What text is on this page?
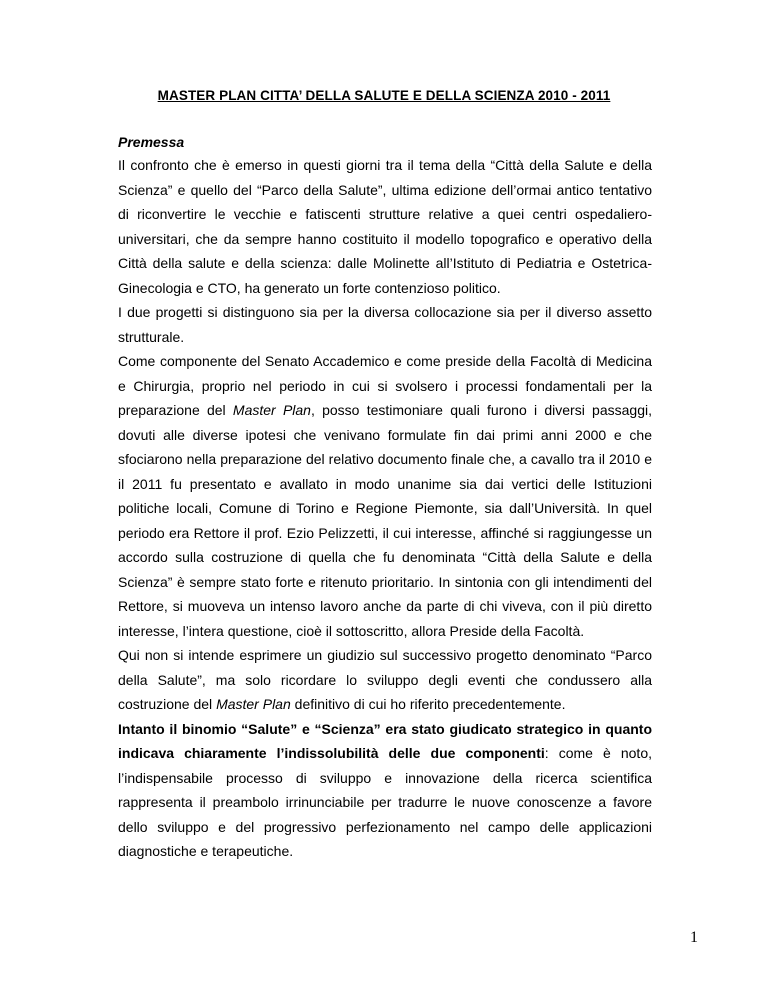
MASTER PLAN CITTA’ DELLA SALUTE E DELLA SCIENZA 2010 - 2011
Premessa

Il confronto che è emerso in questi giorni tra il tema della “Città della Salute e della Scienza” e quello del “Parco della Salute”, ultima edizione dell’ormai antico tentativo di riconvertire le vecchie e fatiscenti strutture relative a quei centri ospedaliero-universitari, che da sempre hanno costituito il modello topografico e operativo della Città della salute e della scienza: dalle Molinette all’Istituto di Pediatria e Ostetrica-Ginecologia e CTO, ha generato un forte contenzioso politico.

I due progetti si distinguono sia per la diversa collocazione sia per il diverso assetto strutturale.

Come componente del Senato Accademico e come preside della Facoltà di Medicina e Chirurgia, proprio nel periodo in cui si svolsero i processi fondamentali per la preparazione del Master Plan, posso testimoniare quali furono i diversi passaggi, dovuti alle diverse ipotesi che venivano formulate fin dai primi anni 2000 e che sfociarono nella preparazione del relativo documento finale che, a cavallo tra il 2010 e il 2011 fu presentato e avallato in modo unanime sia dai vertici delle Istituzioni politiche locali, Comune di Torino e Regione Piemonte, sia dall’Università. In quel periodo era Rettore il prof. Ezio Pelizzetti, il cui interesse, affinché si raggiungesse un accordo sulla costruzione di quella che fu denominata “Città della Salute e della Scienza” è sempre stato forte e ritenuto prioritario. In sintonia con gli intendimenti del Rettore, si muoveva un intenso lavoro anche da parte di chi viveva, con il più diretto interesse, l’intera questione, cioè il sottoscritto, allora Preside della Facoltà.

Qui non si intende esprimere un giudizio sul successivo progetto denominato “Parco della Salute”, ma solo ricordare lo sviluppo degli eventi che condussero alla costruzione del Master Plan definitivo di cui ho riferito precedentemente.

Intanto il binomio “Salute” e “Scienza” era stato giudicato strategico in quanto indicava chiaramente l’indissolubilità delle due componenti: come è noto, l’indispensabile processo di sviluppo e innovazione della ricerca scientifica rappresenta il preambolo irrinunciabile per tradurre le nuove conoscenze a favore dello sviluppo e del progressivo perfezionamento nel campo delle applicazioni diagnostiche e terapeutiche.

1
